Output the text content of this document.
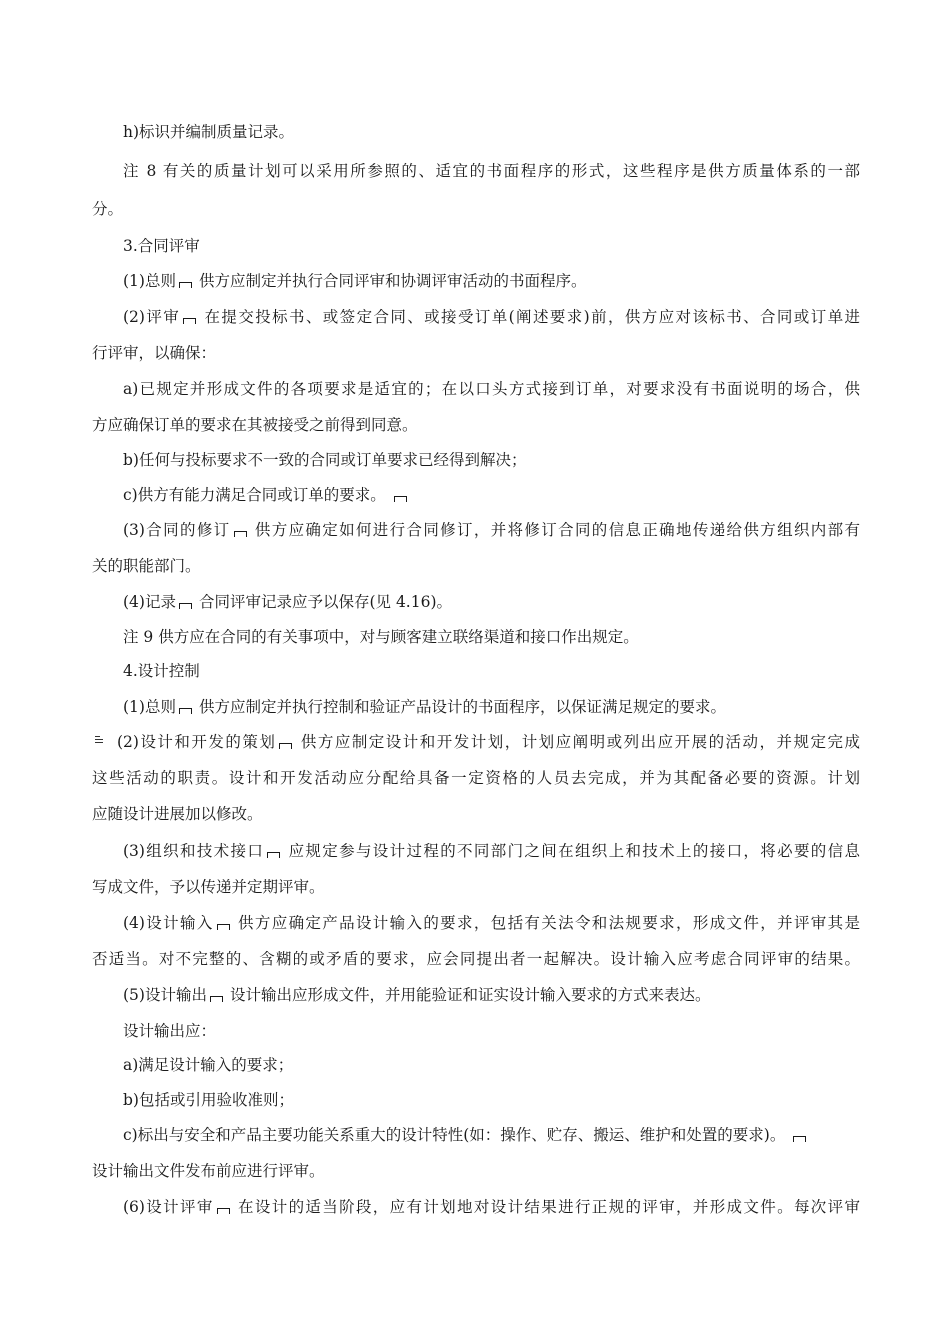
h)标识并编制质量记录。
注 8 有关的质量计划可以采用所参照的、适宜的书面程序的形式，这些程序是供方质量体系的一部
分。
3.合同评审
(1)总则 供方应制定并执行合同评审和协调评审活动的书面程序。
(2)评审 在提交投标书、或签定合同、或接受订单(阐述要求)前，供方应对该标书、合同或订单进
行评审，以确保：
a)已规定并形成文件的各项要求是适宜的；在以口头方式接到订单，对要求没有书面说明的场合，供
方应确保订单的要求在其被接受之前得到同意。
b)任何与投标要求不一致的合同或订单要求已经得到解决；
c)供方有能力满足合同或订单的要求。
(3)合同的修订 供方应确定如何进行合同修订，并将修订合同的信息正确地传递给供方组织内部有
关的职能部门。
(4)记录 合同评审记录应予以保存(见 4.16)。
注 9 供方应在合同的有关事项中，对与顾客建立联络渠道和接口作出规定。
4.设计控制
(1)总则 供方应制定并执行控制和验证产品设计的书面程序，以保证满足规定的要求。
(2)设计和开发的策划 供方应制定设计和开发计划，计划应阐明或列出应开展的活动，并规定完成
这些活动的职责。设计和开发活动应分配给具备一定资格的人员去完成，并为其配备必要的资源。计划
应随设计进展加以修改。
(3)组织和技术接口 应规定参与设计过程的不同部门之间在组织上和技术上的接口，将必要的信息
写成文件，予以传递并定期评审。
(4)设计输入 供方应确定产品设计输入的要求，包括有关法令和法规要求，形成文件，并评审其是
否适当。对不完整的、含糊的或矛盾的要求，应会同提出者一起解决。设计输入应考虑合同评审的结果。
(5)设计输出 设计输出应形成文件，并用能验证和证实设计输入要求的方式来表达。
设计输出应：
a)满足设计输入的要求；
b)包括或引用验收准则；
c)标出与安全和产品主要功能关系重大的设计特性(如：操作、贮存、搬运、维护和处置的要求)。
设计输出文件发布前应进行评审。
(6)设计评审 在设计的适当阶段，应有计划地对设计结果进行正规的评审，并形成文件。每次评审
